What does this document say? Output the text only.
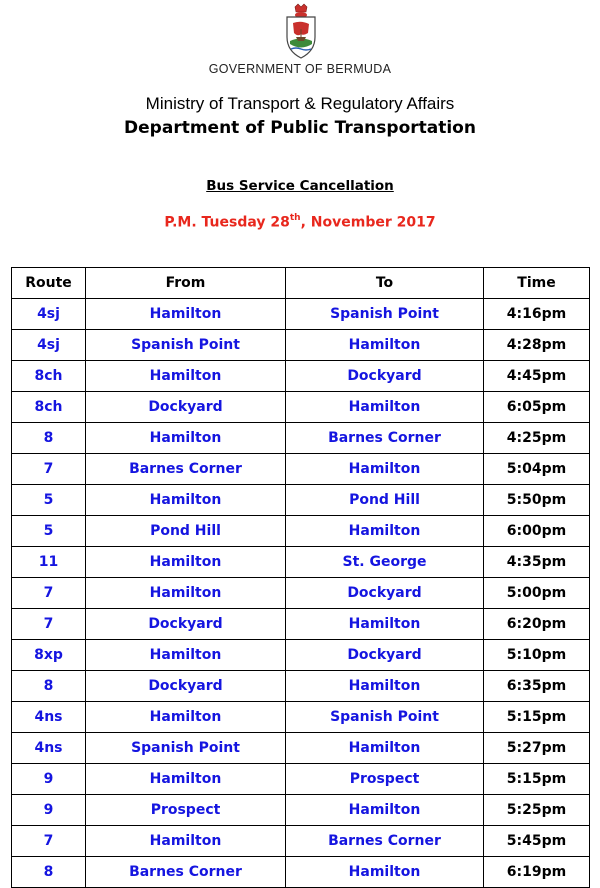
GOVERNMENT OF BERMUDA
Ministry of Transport & Regulatory Affairs
Department of Public Transportation
Bus Service Cancellation
P.M. Tuesday 28th, November 2017
Route	From	To	Time
4sj	Hamilton	Spanish Point	4:16pm
4sj	Spanish Point	Hamilton	4:28pm
8ch	Hamilton	Dockyard	4:45pm
8ch	Dockyard	Hamilton	6:05pm
8	Hamilton	Barnes Corner	4:25pm
7	Barnes Corner	Hamilton	5:04pm
5	Hamilton	Pond Hill	5:50pm
5	Pond Hill	Hamilton	6:00pm
11	Hamilton	St. George	4:35pm
7	Hamilton	Dockyard	5:00pm
7	Dockyard	Hamilton	6:20pm
8xp	Hamilton	Dockyard	5:10pm
8	Dockyard	Hamilton	6:35pm
4ns	Hamilton	Spanish Point	5:15pm
4ns	Spanish Point	Hamilton	5:27pm
9	Hamilton	Prospect	5:15pm
9	Prospect	Hamilton	5:25pm
7	Hamilton	Barnes Corner	5:45pm
8	Barnes Corner	Hamilton	6:19pm
